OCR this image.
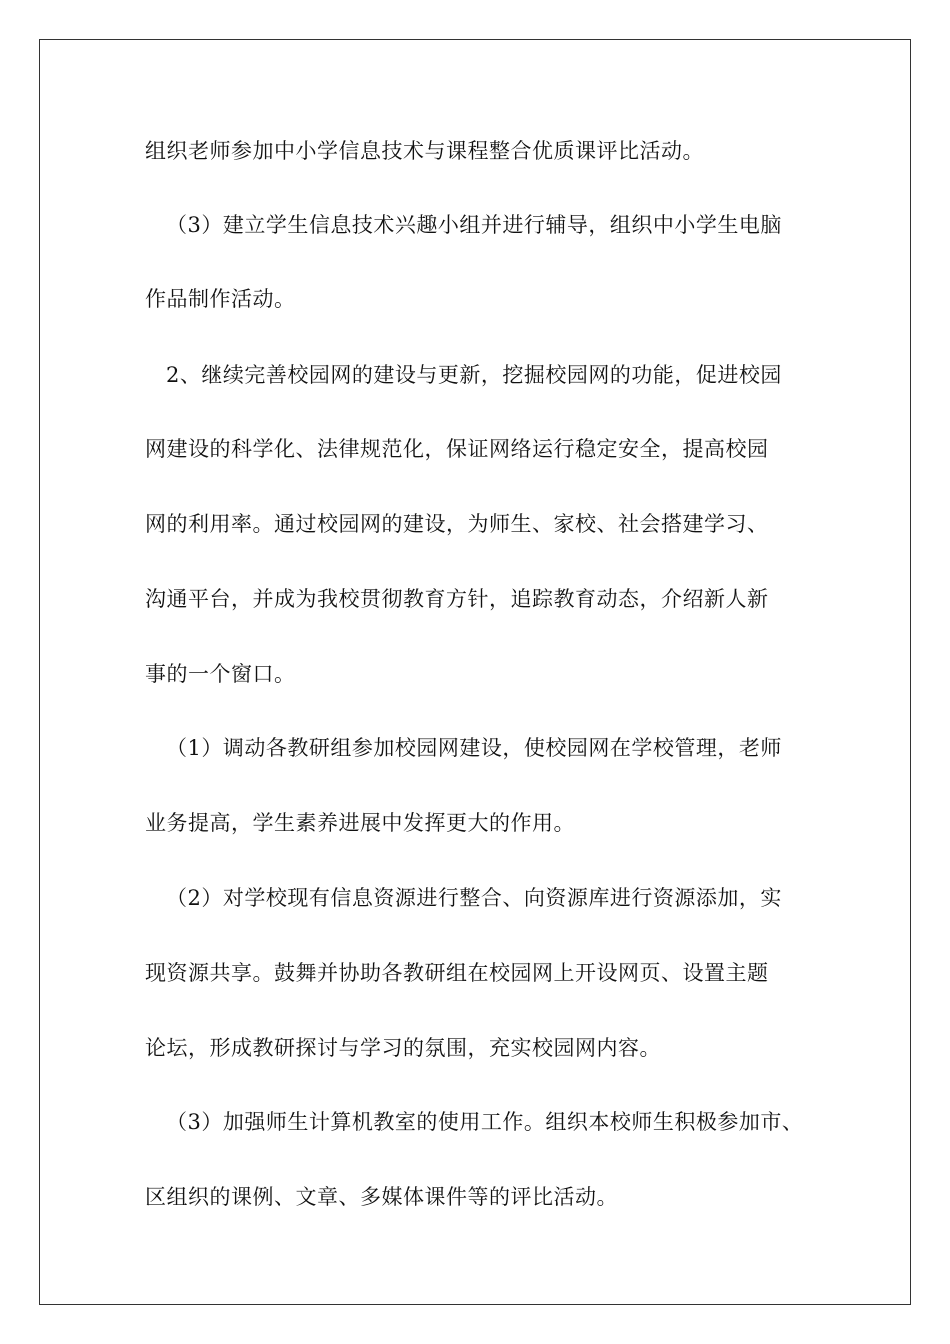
组织老师参加中小学信息技术与课程整合优质课评比活动。
（3）建立学生信息技术兴趣小组并进行辅导，组织中小学生电脑
作品制作活动。
2、继续完善校园网的建设与更新，挖掘校园网的功能，促进校园
网建设的科学化、法律规范化，保证网络运行稳定安全，提高校园
网的利用率。通过校园网的建设，为师生、家校、社会搭建学习、
沟通平台，并成为我校贯彻教育方针，追踪教育动态，介绍新人新
事的一个窗口。
（1）调动各教研组参加校园网建设，使校园网在学校管理，老师
业务提高，学生素养进展中发挥更大的作用。
（2）对学校现有信息资源进行整合、向资源库进行资源添加，实
现资源共享。鼓舞并协助各教研组在校园网上开设网页、设置主题
论坛，形成教研探讨与学习的氛围，充实校园网内容。
（3）加强师生计算机教室的使用工作。组织本校师生积极参加市、
区组织的课例、文章、多媒体课件等的评比活动。
